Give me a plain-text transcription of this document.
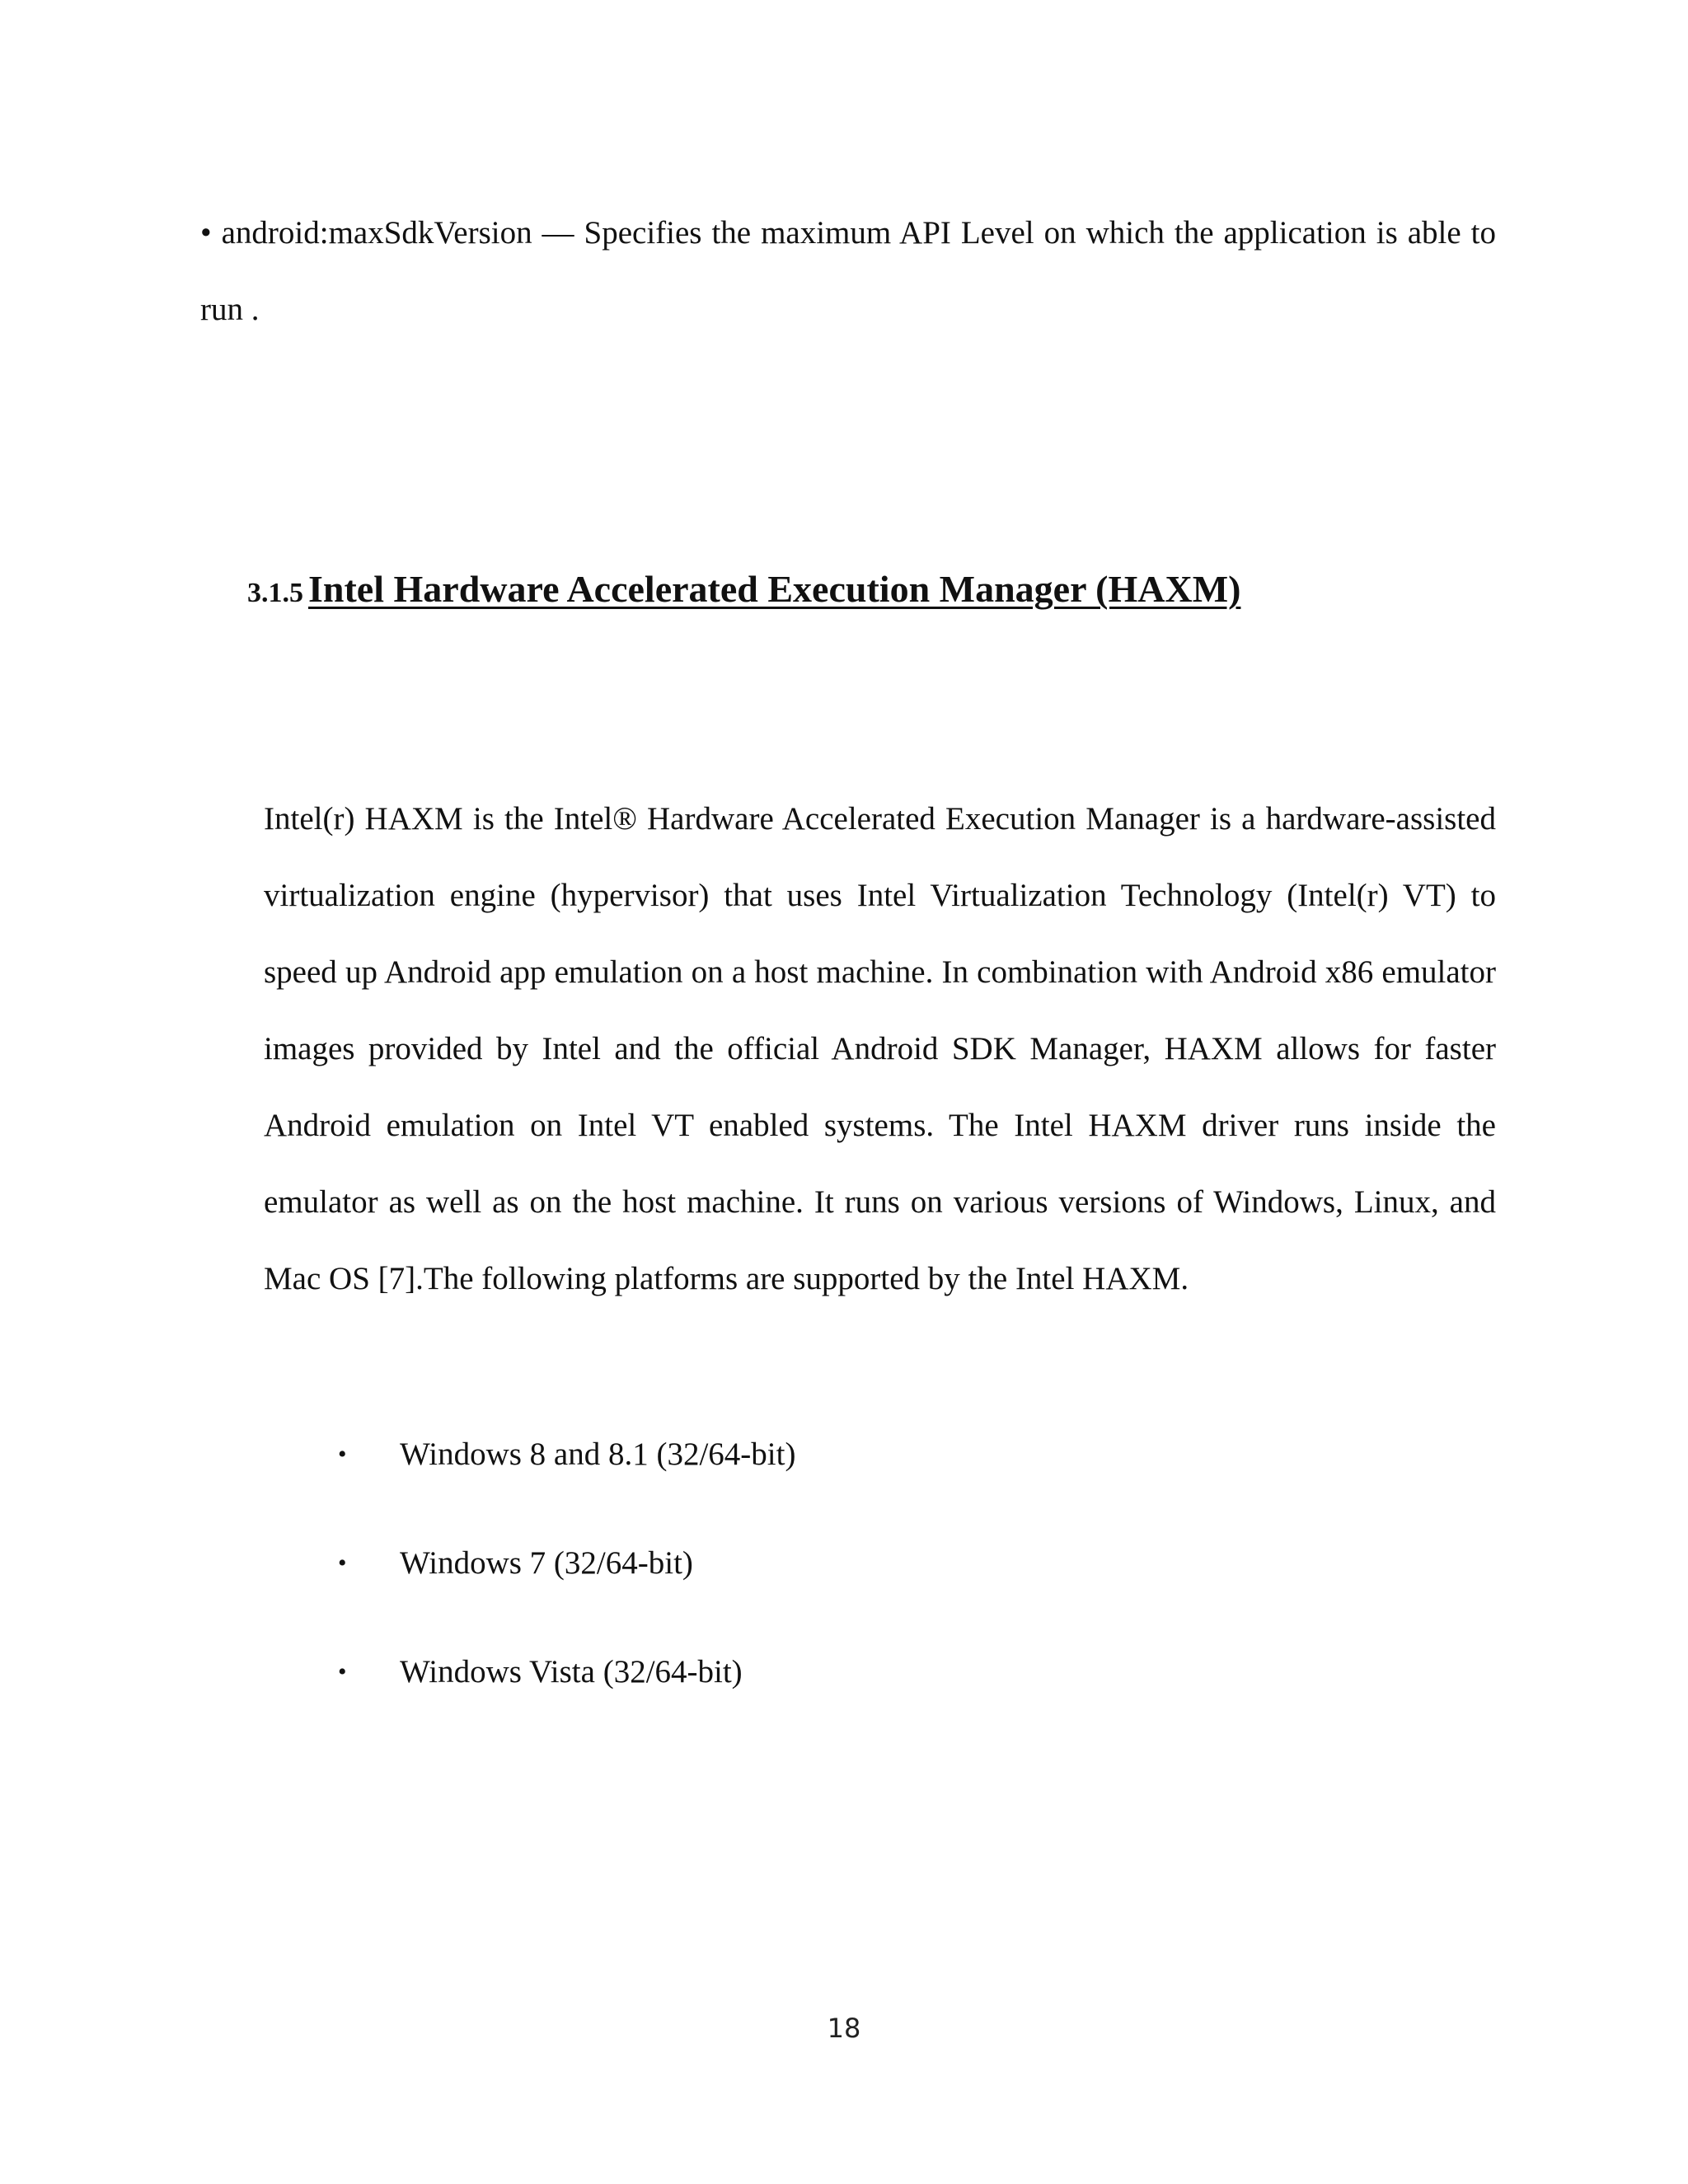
• android:maxSdkVersion — Specifies the maximum API Level on which the application is able to run .

3.1.5 Intel Hardware Accelerated Execution Manager (HAXM)

Intel(r) HAXM is the Intel® Hardware Accelerated Execution Manager is a hardware-assisted virtualization engine (hypervisor) that uses Intel Virtualization Technology (Intel(r) VT) to speed up Android app emulation on a host machine. In combination with Android x86 emulator images provided by Intel and the official Android SDK Manager, HAXM allows for faster Android emulation on Intel VT enabled systems. The Intel HAXM driver runs inside the emulator as well as on the host machine. It runs on various versions of Windows, Linux, and Mac OS [7].The following platforms are supported by the Intel HAXM.

• Windows 8 and 8.1 (32/64-bit)
• Windows 7 (32/64-bit)
• Windows Vista (32/64-bit)

18
